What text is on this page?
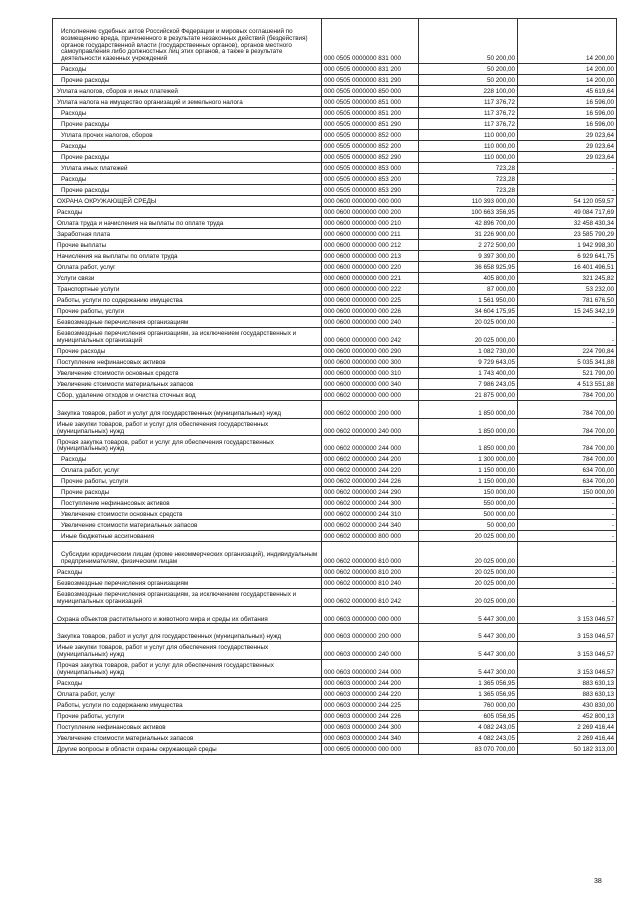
Исполнение судебных актов Российской Федерации и мировых соглашений по возмещению вреда, причиненного в результате незаконных действий (бездействия) органов государственной власти (государственных органов), органов местного самоуправления либо должностных лиц этих органов, а также в результате деятельности казенных учреждений	000 0505 0000000 831 000	50 200,00	14 200,00
Расходы	000 0505 0000000 831 200	50 200,00	14 200,00
Прочие расходы	000 0505 0000000 831 290	50 200,00	14 200,00
Уплата налогов, сборов и иных платежей	000 0505 0000000 850 000	228 100,00	45 619,64
Уплата налога на имущество организаций и земельного налога	000 0505 0000000 851 000	117 376,72	16 596,00
Расходы	000 0505 0000000 851 200	117 376,72	16 596,00
Прочие расходы	000 0505 0000000 851 290	117 376,72	16 596,00
Уплата прочих налогов, сборов	000 0505 0000000 852 000	110 000,00	29 023,64
Расходы	000 0505 0000000 852 200	110 000,00	29 023,64
Прочие расходы	000 0505 0000000 852 290	110 000,00	29 023,64
Уплата иных платежей	000 0505 0000000 853 000	723,28	-
Расходы	000 0505 0000000 853 200	723,28	-
Прочие расходы	000 0505 0000000 853 290	723,28	-
ОХРАНА ОКРУЖАЮЩЕЙ СРЕДЫ	000 0600 0000000 000 000	110 393 000,00	54 120 059,57
Расходы	000 0600 0000000 000 200	100 663 356,95	49 084 717,69
Оплата труда и начисления на выплаты по оплате труда	000 0600 0000000 000 210	42 896 700,00	32 458 430,34
Заработная плата	000 0600 0000000 000 211	31 226 900,00	23 585 790,29
Прочие выплаты	000 0600 0000000 000 212	2 272 500,00	1 942 998,30
Начисления на выплаты по оплате труда	000 0600 0000000 000 213	9 397 300,00	6 929 641,75
Оплата работ, услуг	000 0600 0000000 000 220	36 658 925,95	16 401 496,51
Услуги связи	000 0600 0000000 000 221	405 800,00	321 245,82
Транспортные услуги	000 0600 0000000 000 222	87 000,00	53 232,00
Работы, услуги по содержанию имущества	000 0600 0000000 000 225	1 561 950,00	781 676,50
Прочие работы, услуги	000 0600 0000000 000 226	34 604 175,95	15 245 342,19
Безвозмездные перечисления организациям	000 0600 0000000 000 240	20 025 000,00	-
Безвозмездные перечисления организациям, за исключением государственных и муниципальных организаций	000 0600 0000000 000 242	20 025 000,00	-
Прочие расходы	000 0600 0000000 000 290	1 082 730,00	224 790,84
Поступление нефинансовых активов	000 0600 0000000 000 300	9 729 643,05	5 035 341,88
Увеличение стоимости основных средств	000 0600 0000000 000 310	1 743 400,00	521 790,00
Увеличение стоимости материальных запасов	000 0600 0000000 000 340	7 986 243,05	4 513 551,88
Сбор, удаление отходов и очистка сточных вод	000 0602 0000000 000 000	21 875 000,00	784 700,00
Закупка товаров, работ и услуг для государственных (муниципальных) нужд	000 0602 0000000 200 000	1 850 000,00	784 700,00
Иные закупки товаров, работ и услуг для обеспечения государственных (муниципальных) нужд	000 0602 0000000 240 000	1 850 000,00	784 700,00
Прочая закупка товаров, работ и услуг для обеспечения государственных (муниципальных) нужд	000 0602 0000000 244 000	1 850 000,00	784 700,00
Расходы	000 0602 0000000 244 200	1 300 000,00	784 700,00
Оплата работ, услуг	000 0602 0000000 244 220	1 150 000,00	634 700,00
Прочие работы, услуги	000 0602 0000000 244 226	1 150 000,00	634 700,00
Прочие расходы	000 0602 0000000 244 290	150 000,00	150 000,00
Поступление нефинансовых активов	000 0602 0000000 244 300	550 000,00	-
Увеличение стоимости основных средств	000 0602 0000000 244 310	500 000,00	-
Увеличение стоимости материальных запасов	000 0602 0000000 244 340	50 000,00	-
Иные бюджетные ассигнования	000 0602 0000000 800 000	20 025 000,00	-
Субсидии юридическим лицам (кроме некоммерческих организаций), индивидуальным предпринимателям, физическим лицам	000 0602 0000000 810 000	20 025 000,00	-
Расходы	000 0602 0000000 810 200	20 025 000,00	-
Безвозмездные перечисления организациям	000 0602 0000000 810 240	20 025 000,00	-
Безвозмездные перечисления организациям, за исключением государственных и муниципальных организаций	000 0602 0000000 810 242	20 025 000,00	-
Охрана объектов растительного и животного мира и среды их обитания	000 0603 0000000 000 000	5 447 300,00	3 153 046,57
Закупка товаров, работ и услуг для государственных (муниципальных) нужд	000 0603 0000000 200 000	5 447 300,00	3 153 046,57
Иные закупки товаров, работ и услуг для обеспечения государственных (муниципальных) нужд	000 0603 0000000 240 000	5 447 300,00	3 153 046,57
Прочая закупка товаров, работ и услуг для обеспечения государственных (муниципальных) нужд	000 0603 0000000 244 000	5 447 300,00	3 153 046,57
Расходы	000 0603 0000000 244 200	1 365 056,95	883 630,13
Оплата работ, услуг	000 0603 0000000 244 220	1 365 056,95	883 630,13
Работы, услуги по содержанию имущества	000 0603 0000000 244 225	760 000,00	430 830,00
Прочие работы, услуги	000 0603 0000000 244 226	605 056,95	452 800,13
Поступление нефинансовых активов	000 0603 0000000 244 300	4 082 243,05	2 269 416,44
Увеличение стоимости материальных запасов	000 0603 0000000 244 340	4 082 243,05	2 269 416,44
Другие вопросы в области охраны окружающей среды	000 0605 0000000 000 000	83 070 700,00	50 182 313,00
38
